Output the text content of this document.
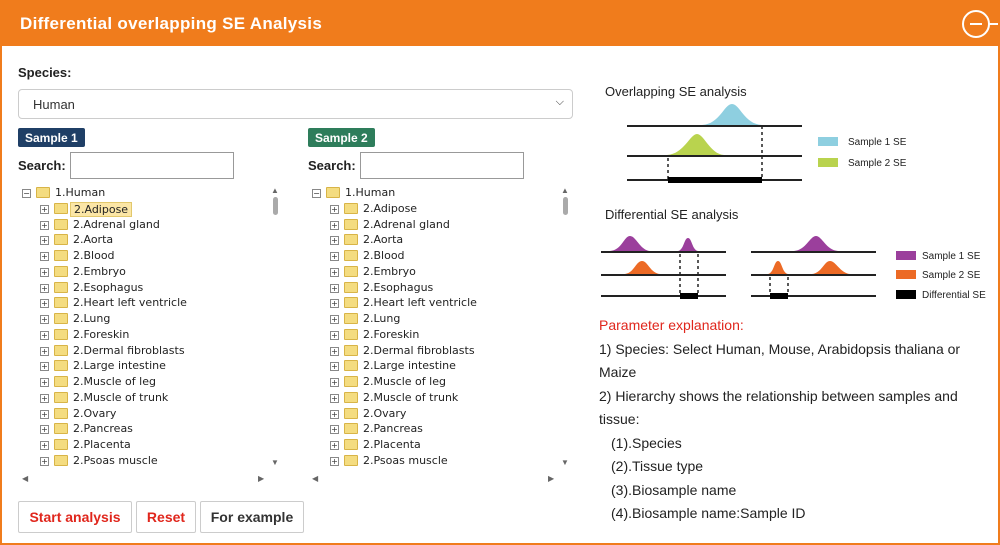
Differential overlapping SE Analysis
Species:
Human	⌵
Sample 1
Search:
− 1.Human
+	2.Adipose
+ 2.Adrenal gland
+ 2.Aorta
+ 2.Blood
+ 2.Embryo
+ 2.Esophagus
+ 2.Heart left ventricle
+ 2.Lung
+ 2.Foreskin
+ 2.Dermal fibroblasts
+ 2.Large intestine
+ 2.Muscle of leg
+ 2.Muscle of trunk
+ 2.Ovary
+ 2.Pancreas
+ 2.Placenta
+ 2.Psoas muscle
▲
▼
◀	▶
Sample 2
Search:
− 1.Human
+ 2.Adipose
+ 2.Adrenal gland
+ 2.Aorta
+ 2.Blood
+ 2.Embryo
+ 2.Esophagus
+ 2.Heart left ventricle
+ 2.Lung
+ 2.Foreskin
+ 2.Dermal fibroblasts
+ 2.Large intestine
+ 2.Muscle of leg
+ 2.Muscle of trunk
+ 2.Ovary
+ 2.Pancreas
+ 2.Placenta
+ 2.Psoas muscle
▲
▼
◀	▶
Start analysis	Reset	For example
Overlapping SE analysis
Sample 1 SE
Sample 2 SE
Differential SE analysis
Sample 1 SE
Sample 2 SE
Differential SE
Parameter explanation:
1) Species: Select Human, Mouse, Arabidopsis thaliana or
Maize
2) Hierarchy shows the relationship between samples and
tissue:
(1).Species
(2).Tissue type
(3).Biosample name
(4).Biosample name:Sample ID
